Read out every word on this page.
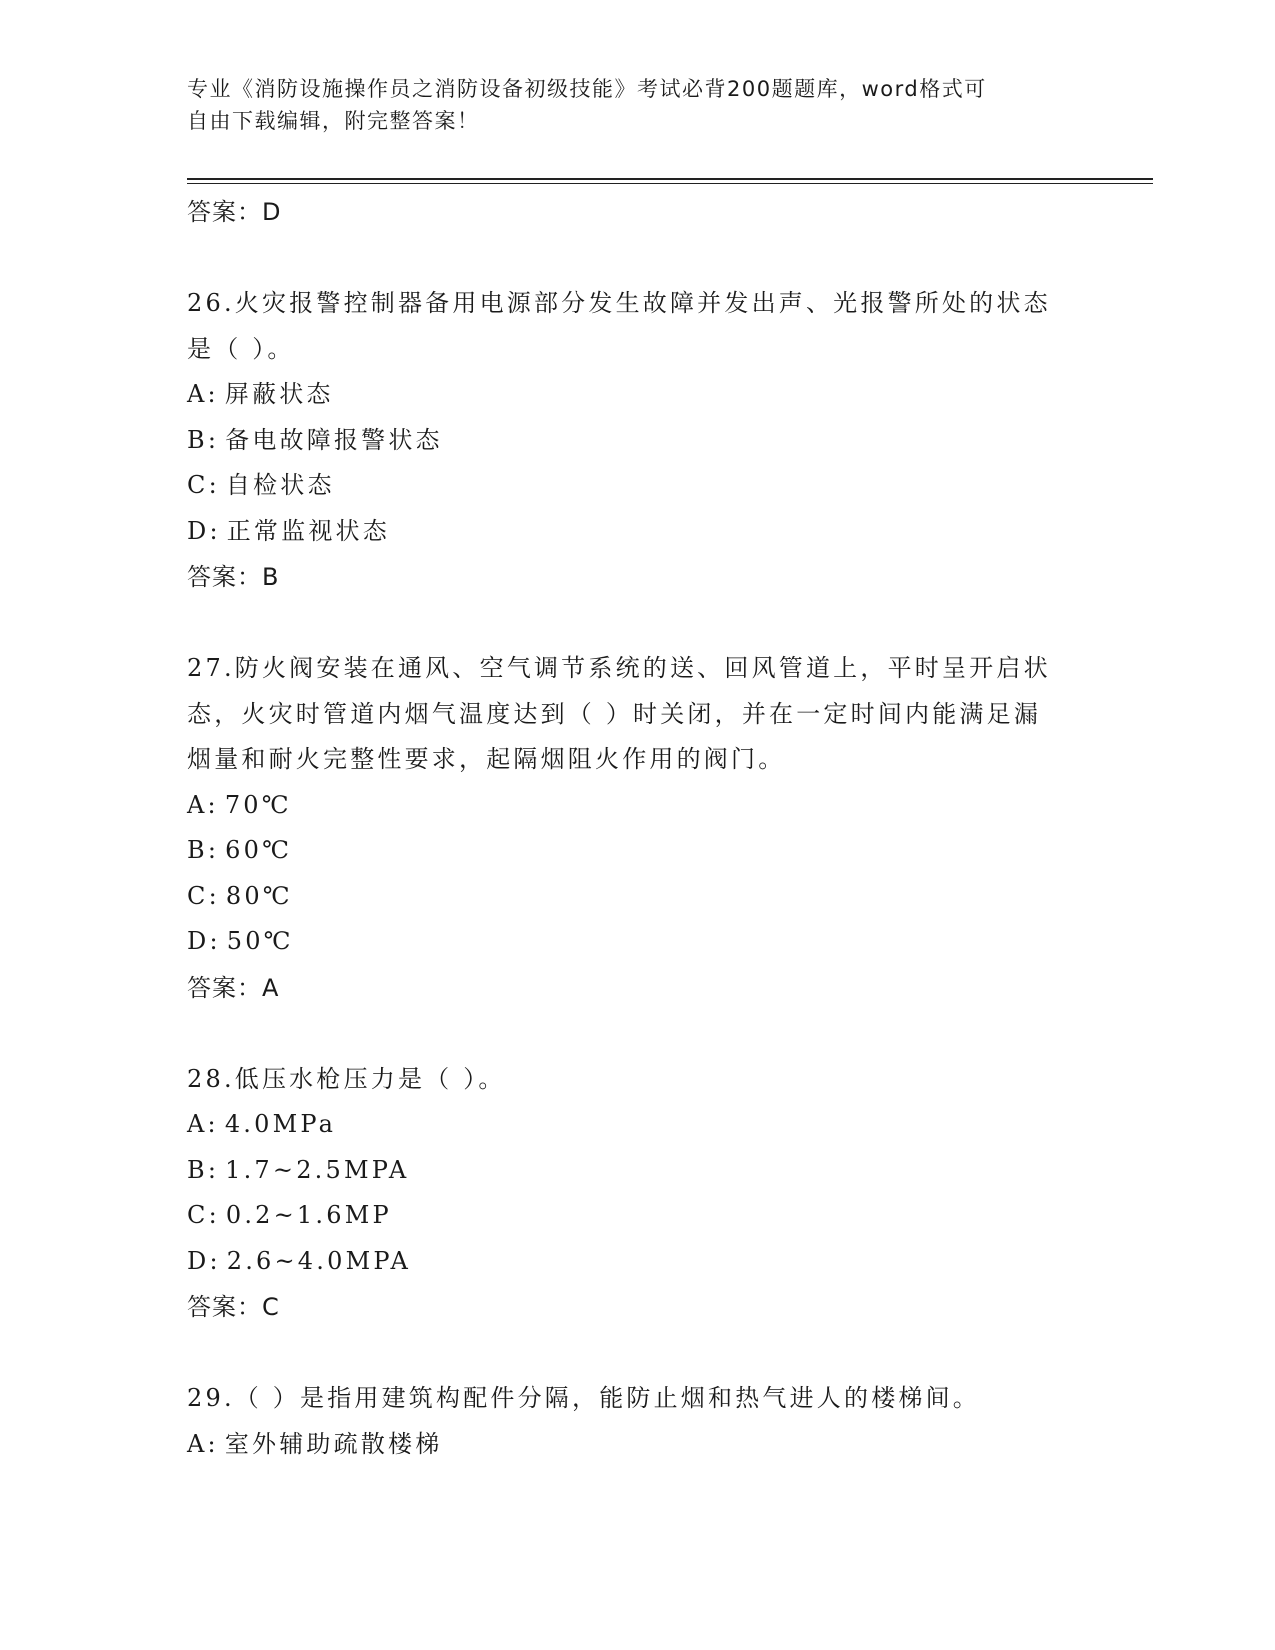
专业《消防设施操作员之消防设备初级技能》考试必背200题题库，word格式可
自由下载编辑，附完整答案！
答案：D
26.火灾报警控制器备用电源部分发生故障并发出声、光报警所处的状态是（ ）。
A: 屏蔽状态
B: 备电故障报警状态
C: 自检状态
D: 正常监视状态
答案：B
27.防火阀安装在通风、空气调节系统的送、回风管道上，平时呈开启状态，火灾时管道内烟气温度达到（ ）时关闭，并在一定时间内能满足漏烟量和耐火完整性要求，起隔烟阻火作用的阀门。
A: 70℃
B: 60℃
C: 80℃
D: 50℃
答案：A
28.低压水枪压力是（ ）。
A: 4.0MPa
B: 1.7~2.5MPA
C: 0.2~1.6MP
D: 2.6~4.0MPA
答案：C
29.（ ）是指用建筑构配件分隔，能防止烟和热气进人的楼梯间。
A: 室外辅助疏散楼梯
